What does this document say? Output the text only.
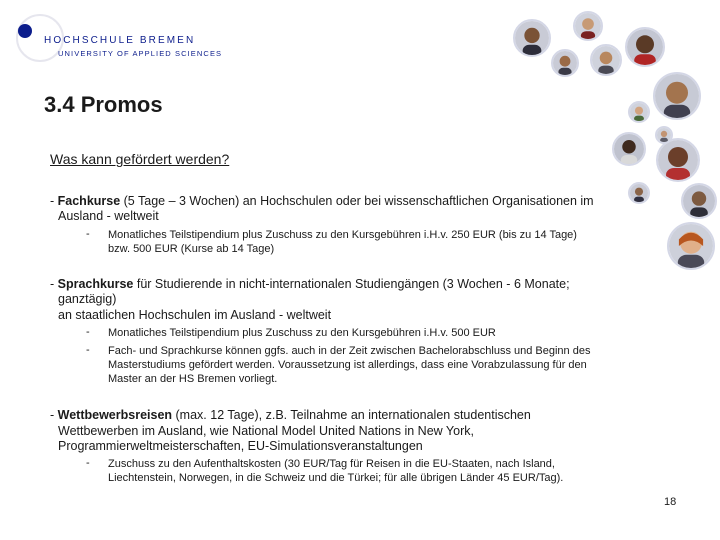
HOCHSCHULE BREMEN
UNIVERSITY OF APPLIED SCIENCES
3.4 Promos
Was kann gefördert werden?
- Fachkurse (5 Tage – 3 Wochen) an Hochschulen oder bei wissenschaftlichen Organisationen im
Ausland - weltweit
- Monatliches Teilstipendium plus Zuschuss zu den Kursgebühren i.H.v. 250 EUR (bis zu 14 Tage)
bzw. 500 EUR (Kurse ab 14 Tage)
- Sprachkurse für Studierende in nicht-internationalen Studiengängen (3 Wochen - 6 Monate;
ganztägig)
an staatlichen Hochschulen im Ausland - weltweit
- Monatliches Teilstipendium plus Zuschuss zu den Kursgebühren i.H.v. 500 EUR
- Fach- und Sprachkurse können ggfs. auch in der Zeit zwischen Bachelorabschluss und Beginn des
Masterstudiums gefördert werden. Voraussetzung ist allerdings, dass eine Vorabzulassung für den
Master an der HS Bremen vorliegt.
- Wettbewerbsreisen (max. 12 Tage), z.B. Teilnahme an internationalen studentischen
Wettbewerben im Ausland, wie National Model United Nations in New York,
Programmierweltmeisterschaften, EU-Simulationsveranstaltungen
- Zuschuss zu den Aufenthaltskosten (30 EUR/Tag für Reisen in die EU-Staaten, nach Island,
Liechtenstein, Norwegen, in die Schweiz und die Türkei; für alle übrigen Länder 45 EUR/Tag).
18
